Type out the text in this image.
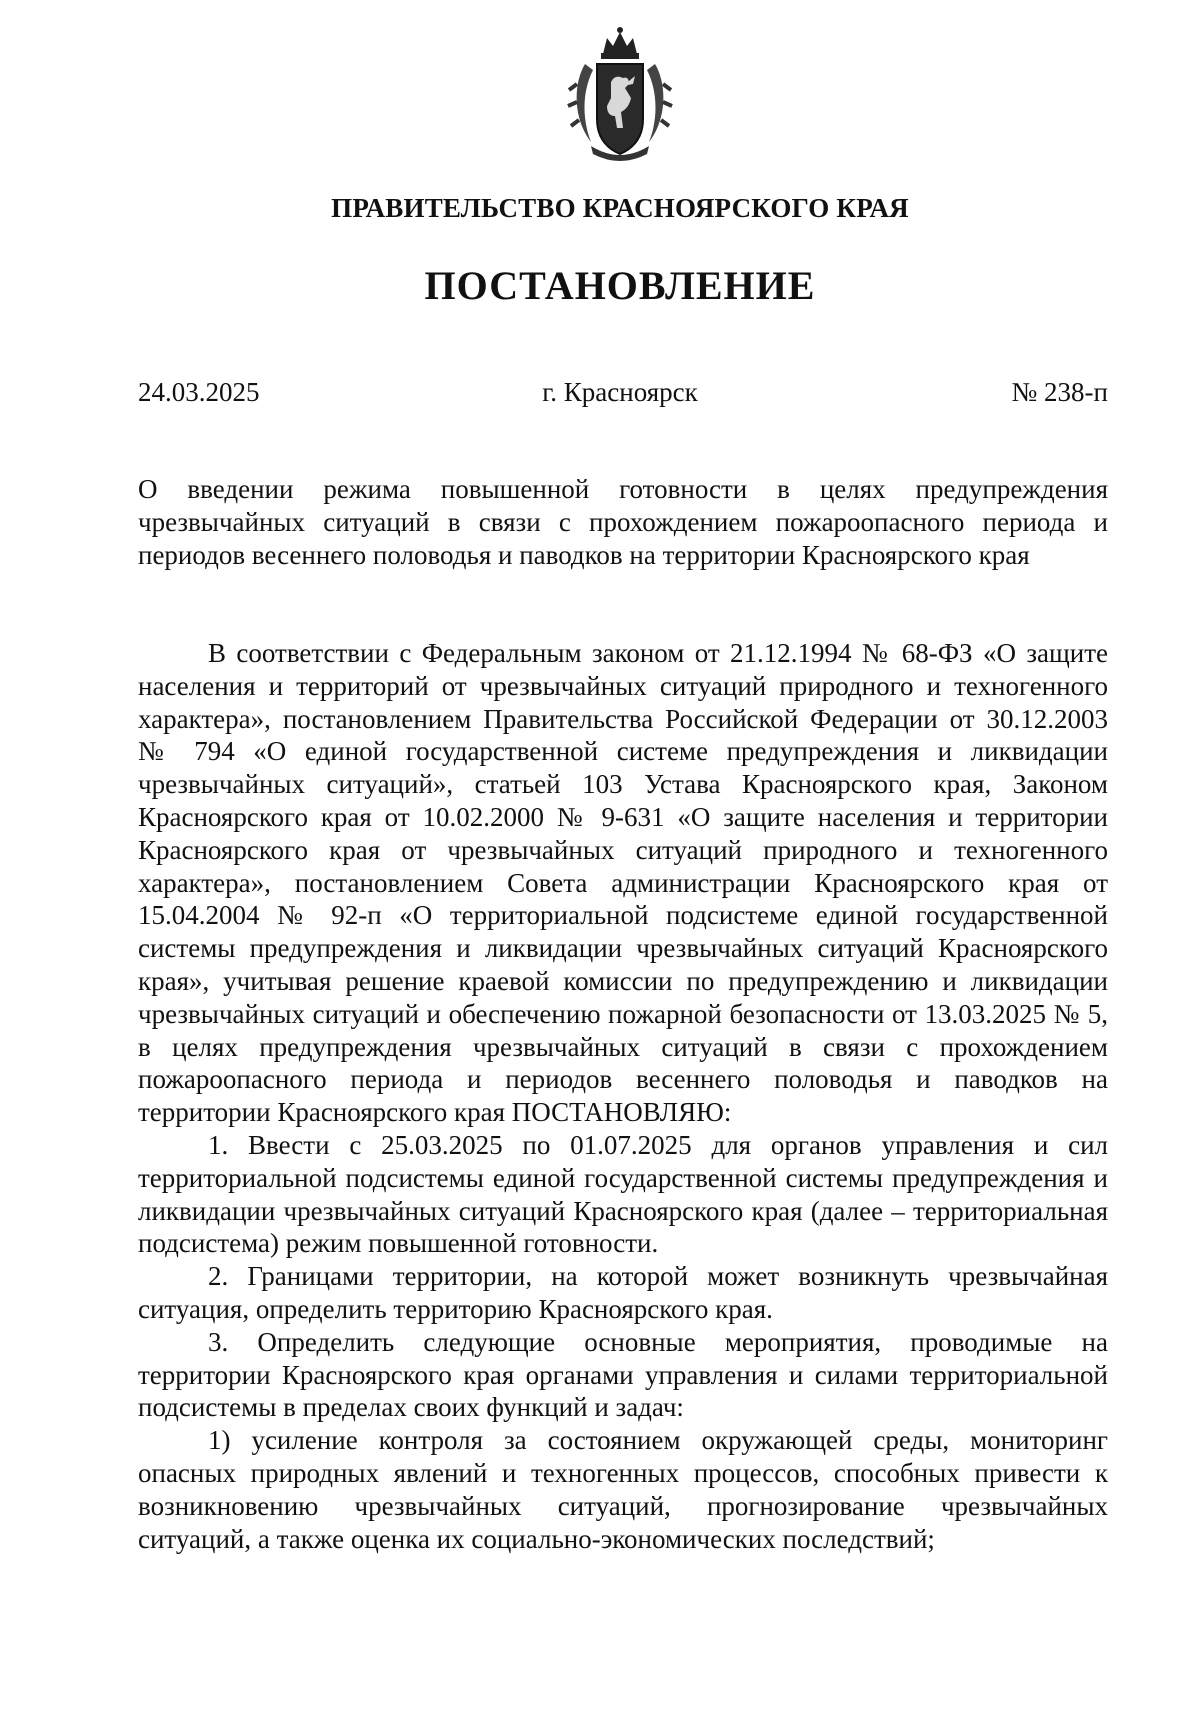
ПРАВИТЕЛЬСТВО КРАСНОЯРСКОГО КРАЯ
ПОСТАНОВЛЕНИЕ
24.03.2025	г. Красноярск	№ 238-п
О введении режима повышенной готовности в целях предупреждения чрезвычайных ситуаций в связи с прохождением пожароопасного периода и периодов весеннего половодья и паводков на территории Красноярского края

В соответствии с Федеральным законом от 21.12.1994 № 68-ФЗ «О защите населения и территорий от чрезвычайных ситуаций природного и техногенного характера», постановлением Правительства Российской Федерации от 30.12.2003 № 794 «О единой государственной системе предупреждения и ликвидации чрезвычайных ситуаций», статьей 103 Устава Красноярского края, Законом Красноярского края от 10.02.2000 № 9-631 «О защите населения и территории Красноярского края от чрезвычайных ситуаций природного и техногенного характера», постановлением Совета администрации Красноярского края от 15.04.2004 № 92-п «О территориальной подсистеме единой государственной системы предупреждения и ликвидации чрезвычайных ситуаций Красноярского края», учитывая решение краевой комиссии по предупреждению и ликвидации чрезвычайных ситуаций и обеспечению пожарной безопасности от 13.03.2025 № 5, в целях предупреждения чрезвычайных ситуаций в связи с прохождением пожароопасного периода и периодов весеннего половодья и паводков на территории Красноярского края ПОСТАНОВЛЯЮ:

1. Ввести с 25.03.2025 по 01.07.2025 для органов управления и сил территориальной подсистемы единой государственной системы предупреждения и ликвидации чрезвычайных ситуаций Красноярского края (далее – территориальная подсистема) режим повышенной готовности.

2. Границами территории, на которой может возникнуть чрезвычайная ситуация, определить территорию Красноярского края.

3. Определить следующие основные мероприятия, проводимые на территории Красноярского края органами управления и силами территориальной подсистемы в пределах своих функций и задач:

1) усиление контроля за состоянием окружающей среды, мониторинг опасных природных явлений и техногенных процессов, способных привести к возникновению чрезвычайных ситуаций, прогнозирование чрезвычайных ситуаций, а также оценка их социально-экономических последствий;
